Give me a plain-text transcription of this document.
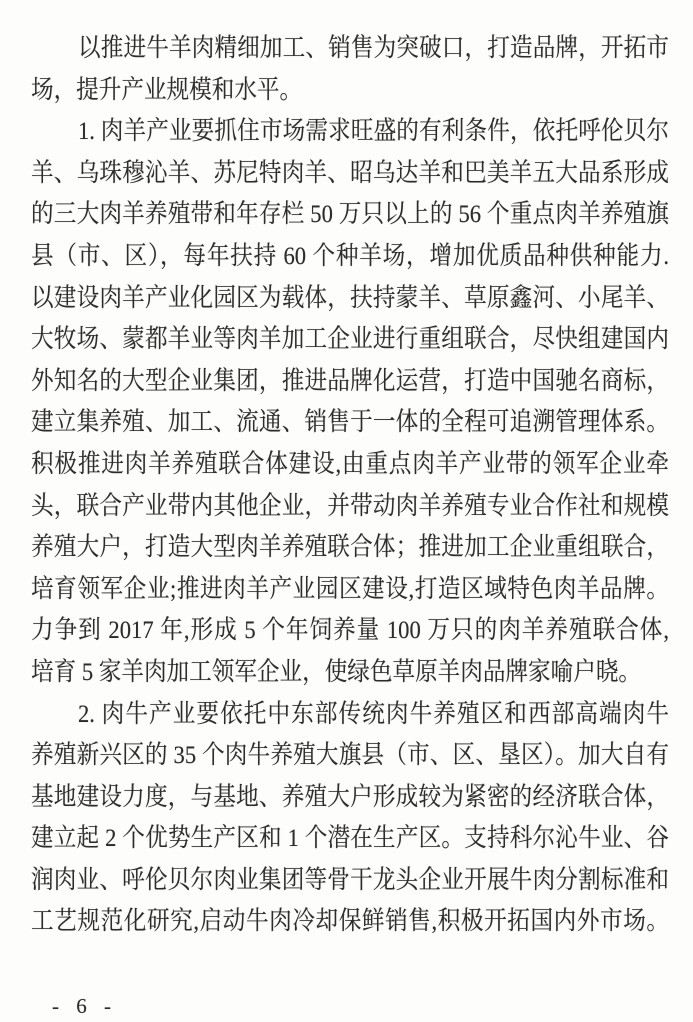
以推进牛羊肉精细加工、销售为突破口，打造品牌，开拓市
场，提升产业规模和水平。
1. 肉羊产业要抓住市场需求旺盛的有利条件，依托呼伦贝尔
羊、乌珠穆沁羊、苏尼特肉羊、昭乌达羊和巴美羊五大品系形成
的三大肉羊养殖带和年存栏 50 万只以上的 56 个重点肉羊养殖旗
县（市、区），每年扶持 60 个种羊场，增加优质品种供种能力.
以建设肉羊产业化园区为载体，扶持蒙羊、草原鑫河、小尾羊、
大牧场、蒙都羊业等肉羊加工企业进行重组联合，尽快组建国内
外知名的大型企业集团，推进品牌化运营，打造中国驰名商标，
建立集养殖、加工、流通、销售于一体的全程可追溯管理体系。
积极推进肉羊养殖联合体建设,由重点肉羊产业带的领军企业牵
头，联合产业带内其他企业，并带动肉羊养殖专业合作社和规模
养殖大户，打造大型肉羊养殖联合体；推进加工企业重组联合，
培育领军企业;推进肉羊产业园区建设,打造区域特色肉羊品牌。
力争到 2017 年,形成 5 个年饲养量 100 万只的肉羊养殖联合体,
培育 5 家羊肉加工领军企业，使绿色草原羊肉品牌家喻户晓。
2. 肉牛产业要依托中东部传统肉牛养殖区和西部高端肉牛
养殖新兴区的 35 个肉牛养殖大旗县（市、区、垦区）。加大自有
基地建设力度，与基地、养殖大户形成较为紧密的经济联合体，
建立起 2 个优势生产区和 1 个潜在生产区。支持科尔沁牛业、谷
润肉业、呼伦贝尔肉业集团等骨干龙头企业开展牛肉分割标准和
工艺规范化研究,启动牛肉冷却保鲜销售,积极开拓国内外市场。
- 6 -
